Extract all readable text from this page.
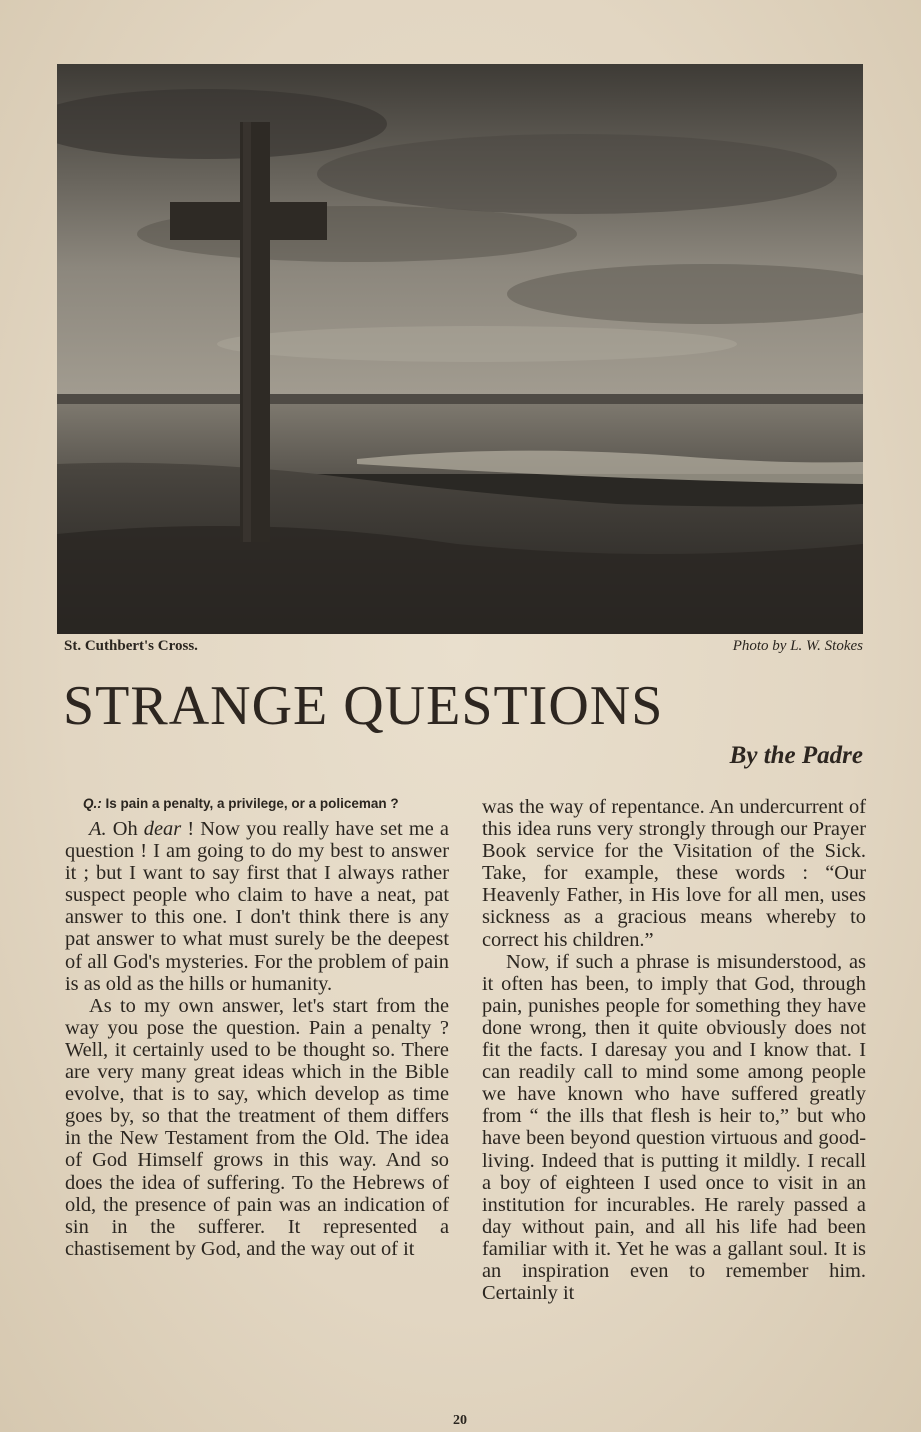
St. Cuthbert's Cross.	Photo by L. W. Stokes
STRANGE QUESTIONS
By the Padre

Q.: Is pain a penalty, a privilege, or a policeman ?

A. Oh dear ! Now you really have set me a question ! I am going to do my best to answer it ; but I want to say first that I always rather suspect people who claim to have a neat, pat answer to this one. I don't think there is any pat answer to what must surely be the deepest of all God's mysteries. For the problem of pain is as old as the hills or humanity.

As to my own answer, let's start from the way you pose the question. Pain a penalty ? Well, it certainly used to be thought so. There are very many great ideas which in the Bible evolve, that is to say, which develop as time goes by, so that the treatment of them differs in the New Testament from the Old. The idea of God Himself grows in this way. And so does the idea of suffering. To the Hebrews of old, the presence of pain was an indication of sin in the sufferer. It represented a chastisement by God, and the way out of it

was the way of repentance. An undercurrent of this idea runs very strongly through our Prayer Book service for the Visitation of the Sick. Take, for example, these words : “Our Heavenly Father, in His love for all men, uses sickness as a gracious means whereby to correct his children.”

Now, if such a phrase is misunderstood, as it often has been, to imply that God, through pain, punishes people for something they have done wrong, then it quite obviously does not fit the facts. I daresay you and I know that. I can readily call to mind some among people we have known who have suffered greatly from “ the ills that flesh is heir to,” but who have been beyond question virtuous and good-living. Indeed that is putting it mildly. I recall a boy of eighteen I used once to visit in an institution for incurables. He rarely passed a day without pain, and all his life had been familiar with it. Yet he was a gallant soul. It is an inspiration even to remember him. Certainly it

20
